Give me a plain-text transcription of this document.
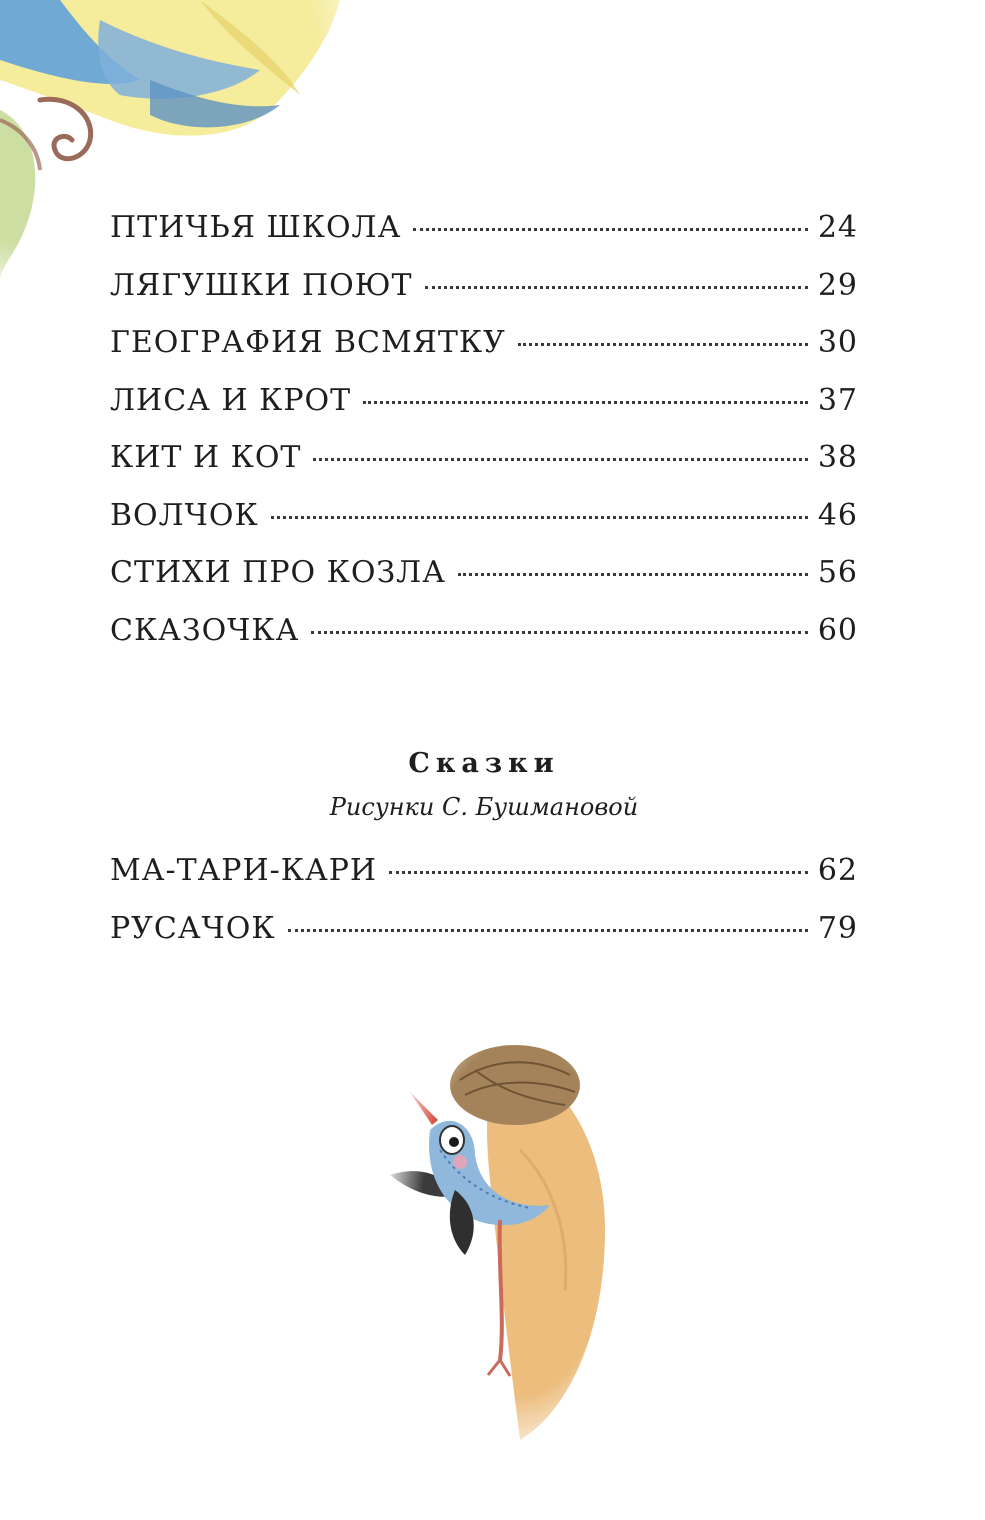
ПТИЧЬЯ ШКОЛА	24
ЛЯГУШКИ ПОЮТ	29
ГЕОГРАФИЯ ВСМЯТКУ	30
ЛИСА И КРОТ	37
КИТ И КОТ	38
ВОЛЧОК	46
СТИХИ ПРО КОЗЛА	56
СКАЗОЧКА	60
Сказки
Рисунки С. Бушмановой
МА-ТАРИ-КАРИ	62
РУСАЧОК	79
